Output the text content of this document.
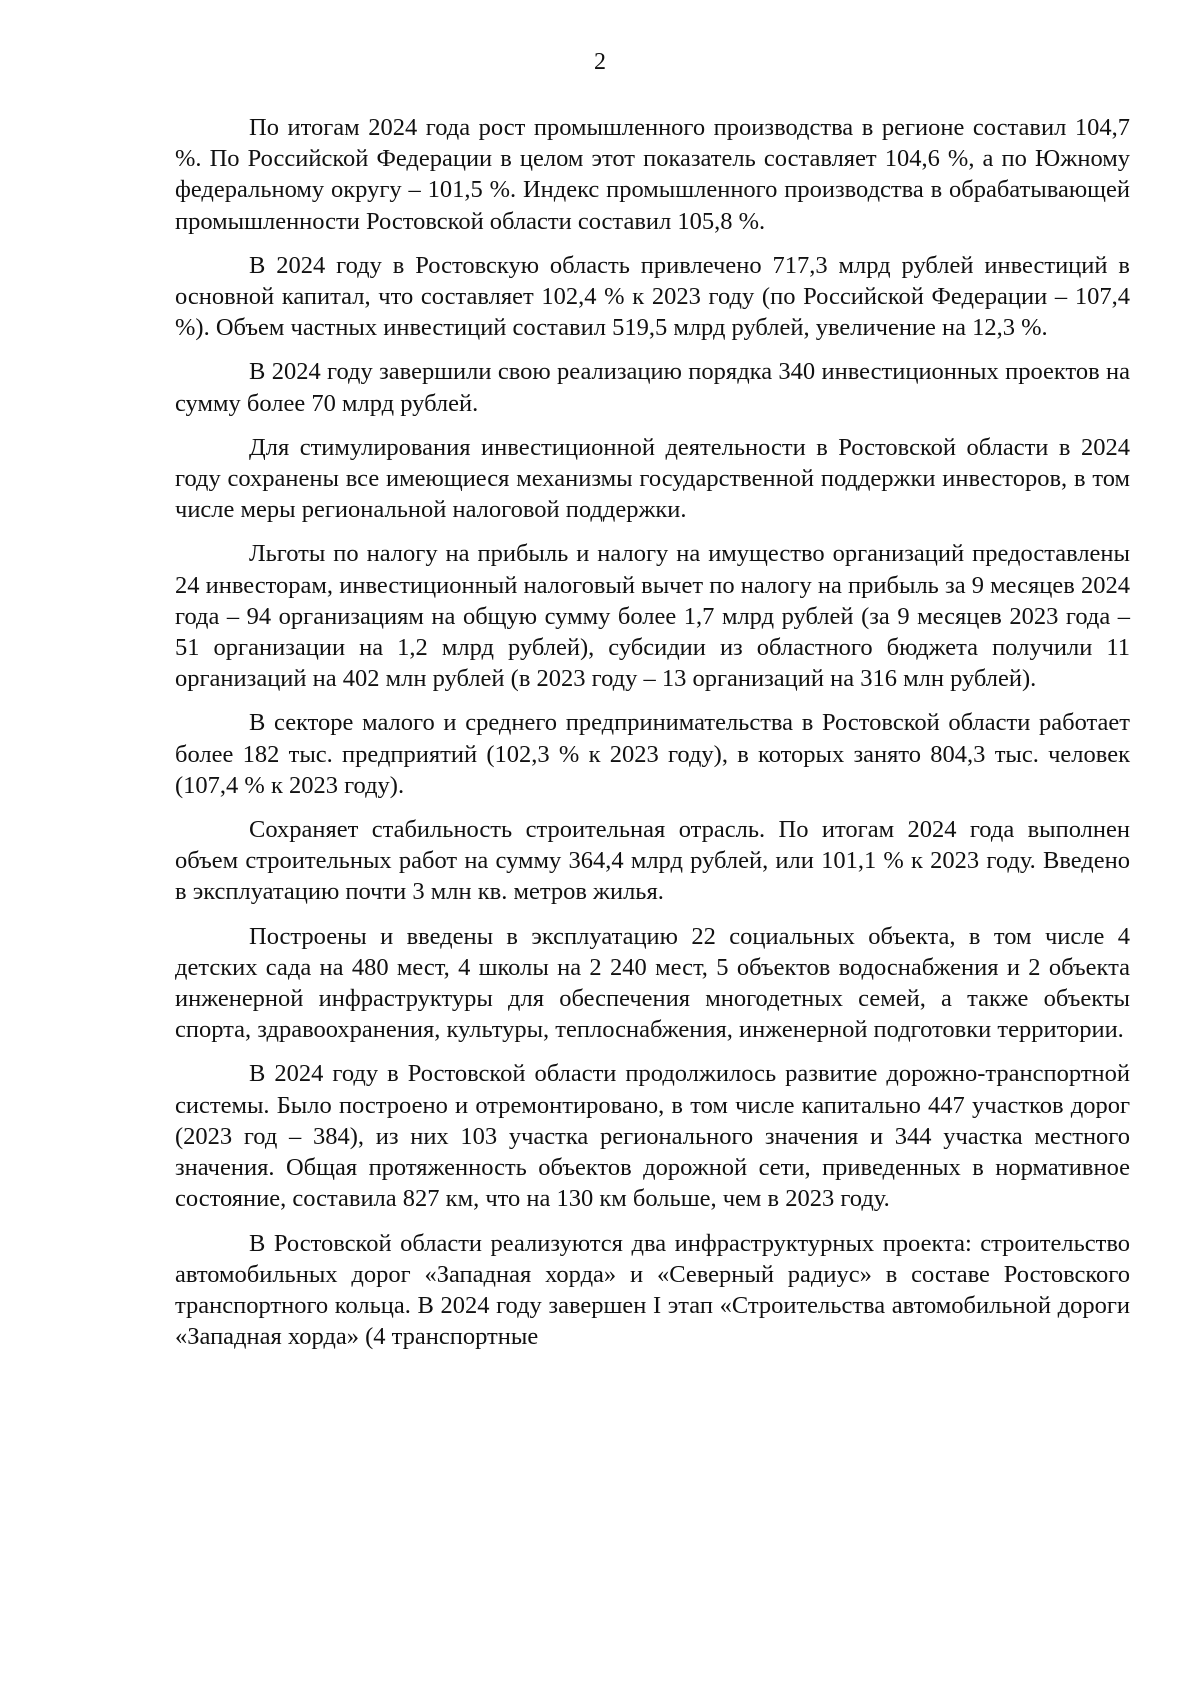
2

По итогам 2024 года рост промышленного производства в регионе составил 104,7 %. По Российской Федерации в целом этот показатель составляет 104,6 %, а по Южному федеральному округу – 101,5 %. Индекс промышленного производства в обрабатывающей промышленности Ростовской области составил 105,8 %.

В 2024 году в Ростовскую область привлечено 717,3 млрд рублей инвестиций в основной капитал, что составляет 102,4 % к 2023 году (по Российской Федерации – 107,4 %). Объем частных инвестиций составил 519,5 млрд рублей, увеличение на 12,3 %.

В 2024 году завершили свою реализацию порядка 340 инвестиционных проектов на сумму более 70 млрд рублей.

Для стимулирования инвестиционной деятельности в Ростовской области в 2024 году сохранены все имеющиеся механизмы государственной поддержки инвесторов, в том числе меры региональной налоговой поддержки.

Льготы по налогу на прибыль и налогу на имущество организаций предоставлены 24 инвесторам, инвестиционный налоговый вычет по налогу на прибыль за 9 месяцев 2024 года – 94 организациям на общую сумму более 1,7 млрд рублей (за 9 месяцев 2023 года – 51 организации на 1,2 млрд рублей), субсидии из областного бюджета получили 11 организаций на 402 млн рублей (в 2023 году – 13 организаций на 316 млн рублей).

В секторе малого и среднего предпринимательства в Ростовской области работает более 182 тыс. предприятий (102,3 % к 2023 году), в которых занято 804,3 тыс. человек (107,4 % к 2023 году).

Сохраняет стабильность строительная отрасль. По итогам 2024 года выполнен объем строительных работ на сумму 364,4 млрд рублей, или 101,1 % к 2023 году. Введено в эксплуатацию почти 3 млн кв. метров жилья.

Построены и введены в эксплуатацию 22 социальных объекта, в том числе 4 детских сада на 480 мест, 4 школы на 2 240 мест, 5 объектов водоснабжения и 2 объекта инженерной инфраструктуры для обеспечения многодетных семей, а также объекты спорта, здравоохранения, культуры, теплоснабжения, инженерной подготовки территории.

В 2024 году в Ростовской области продолжилось развитие дорожно-транспортной системы. Было построено и отремонтировано, в том числе капитально 447 участков дорог (2023 год – 384), из них 103 участка регионального значения и 344 участка местного значения. Общая протяженность объектов дорожной сети, приведенных в нормативное состояние, составила 827 км, что на 130 км больше, чем в 2023 году.

В Ростовской области реализуются два инфраструктурных проекта: строительство автомобильных дорог «Западная хорда» и «Северный радиус» в составе Ростовского транспортного кольца. В 2024 году завершен I этап «Строительства автомобильной дороги «Западная хорда» (4 транспортные
